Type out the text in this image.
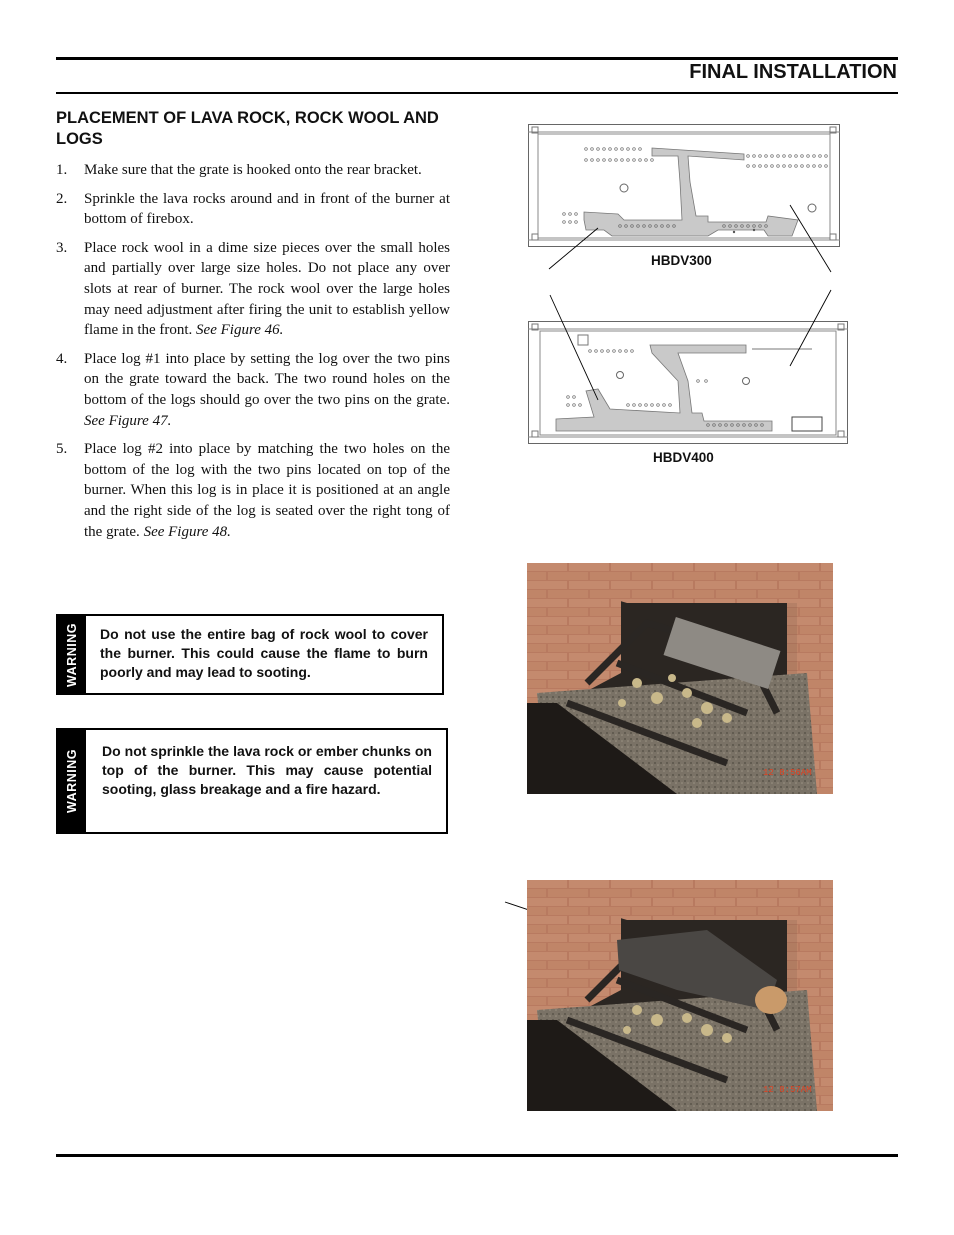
FINAL INSTALLATION
PLACEMENT OF LAVA ROCK, ROCK WOOL AND LOGS
1. Make sure that the grate is hooked onto the rear bracket.
2. Sprinkle the lava rocks around and in front of the burner at bottom of firebox.
3. Place rock wool in a dime size pieces over the small holes and partially over large size holes. Do not place any over slots at rear of burner. The rock wool over the large holes may need adjustment after firing the unit to establish yellow flame in the front. See Figure 46.
4. Place log #1 into place by setting the log over the two pins on the grate toward the back. The two round holes on the bottom of the logs should go over the two pins on the grate. See Figure 47.
5. Place log #2 into place by matching the two holes on the bottom of the log with the two pins located on top of the burner. When this log is in place it is positioned at an angle and the right side of the log is seated over the right tong of the grate. See Figure 48.
WARNING	Do not use the entire bag of rock wool to cover the burner. This could cause the flame to burn poorly and may lead to sooting.
WARNING	Do not sprinkle the lava rock or ember chunks on top of the burner. This may cause potential sooting, glass breakage and a fire hazard.
HBDV300
HBDV400
12 8:56AM
12 8:57AM
